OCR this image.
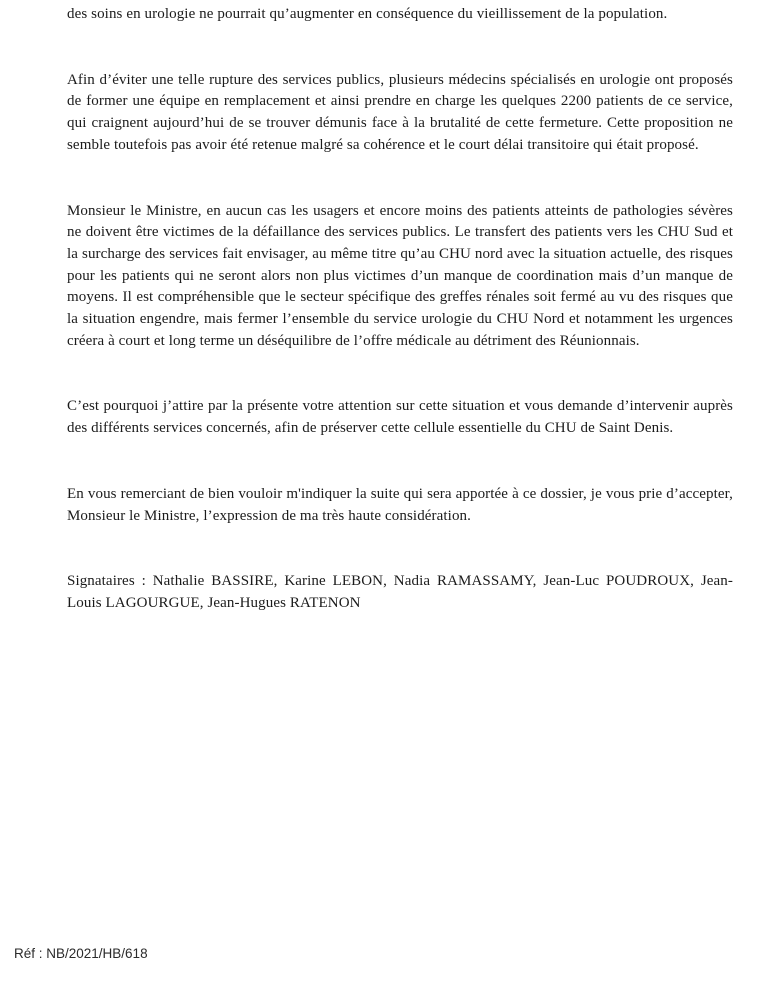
des soins en urologie ne pourrait qu’augmenter en conséquence du vieillissement de la population.

Afin d’éviter une telle rupture des services publics, plusieurs médecins spécialisés en urologie ont proposés de former une équipe en remplacement et ainsi prendre en charge les quelques 2200 patients de ce service, qui craignent aujourd’hui de se trouver démunis face à la brutalité de cette fermeture. Cette proposition ne semble toutefois pas avoir été retenue malgré sa cohérence et le court délai transitoire qui était proposé.

Monsieur le Ministre, en aucun cas les usagers et encore moins des patients atteints de pathologies sévères ne doivent être victimes de la défaillance des services publics. Le transfert des patients vers les CHU Sud et la surcharge des services fait envisager, au même titre qu’au CHU nord avec la situation actuelle, des risques pour les patients qui ne seront alors non plus victimes d’un manque de coordination mais d’un manque de moyens. Il est compréhensible que le secteur spécifique des greffes rénales soit fermé au vu des risques que la situation engendre, mais fermer l’ensemble du service urologie du CHU Nord et notamment les urgences créera à court et long terme un déséquilibre de l’offre médicale au détriment des Réunionnais.

C’est pourquoi j’attire par la présente votre attention sur cette situation et vous demande d’intervenir auprès des différents services concernés, afin de préserver cette cellule essentielle du CHU de Saint Denis.

En vous remerciant de bien vouloir m'indiquer la suite qui sera apportée à ce dossier, je vous prie d’accepter, Monsieur le Ministre, l’expression de ma très haute considération.

Signataires : Nathalie BASSIRE, Karine LEBON, Nadia RAMASSAMY, Jean-Luc POUDROUX, Jean-Louis LAGOURGUE, Jean-Hugues RATENON

Réf : NB/2021/HB/618
